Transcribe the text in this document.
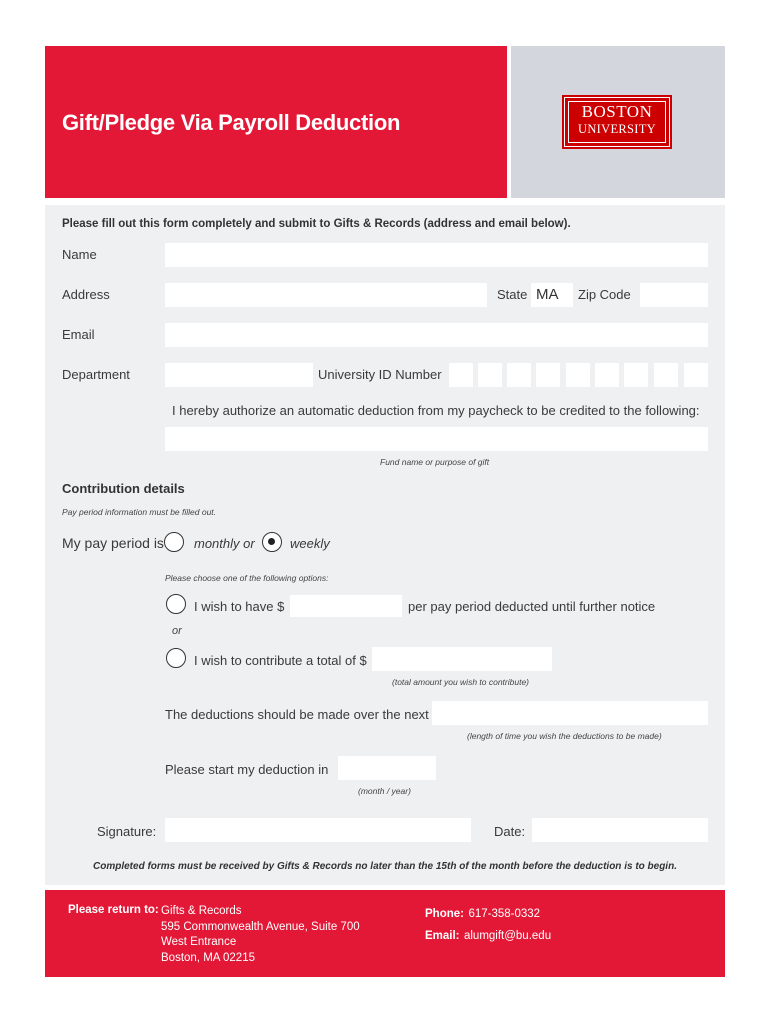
Gift/Pledge Via Payroll Deduction	BOSTON
UNIVERSITY
Please fill out this form completely and submit to Gifts & Records (address and email below).
Name
Address	State MA Zip Code
Email
Department	University ID Number
I hereby authorize an automatic deduction from my paycheck to be credited to the following:
Fund name or purpose of gift
Contribution details
Pay period information must be filled out.
My pay period is monthly or	weekly
Please choose one of the following options:
I wish to have $	per pay period deducted until further notice
or
I wish to contribute a total of $
(total amount you wish to contribute)
The deductions should be made over the next
(length of time you wish the deductions to be made)
Please start my deduction in
(month / year)
Signature:	Date:
Completed forms must be received by Gifts & Records no later than the 15th of the month before the deduction is to begin.
Please return to: Gifts & Records
595 Commonwealth Avenue, Suite 700
West Entrance
Boston, MA 02215
Phone: 617-358-0332
Email: alumgift@bu.edu
